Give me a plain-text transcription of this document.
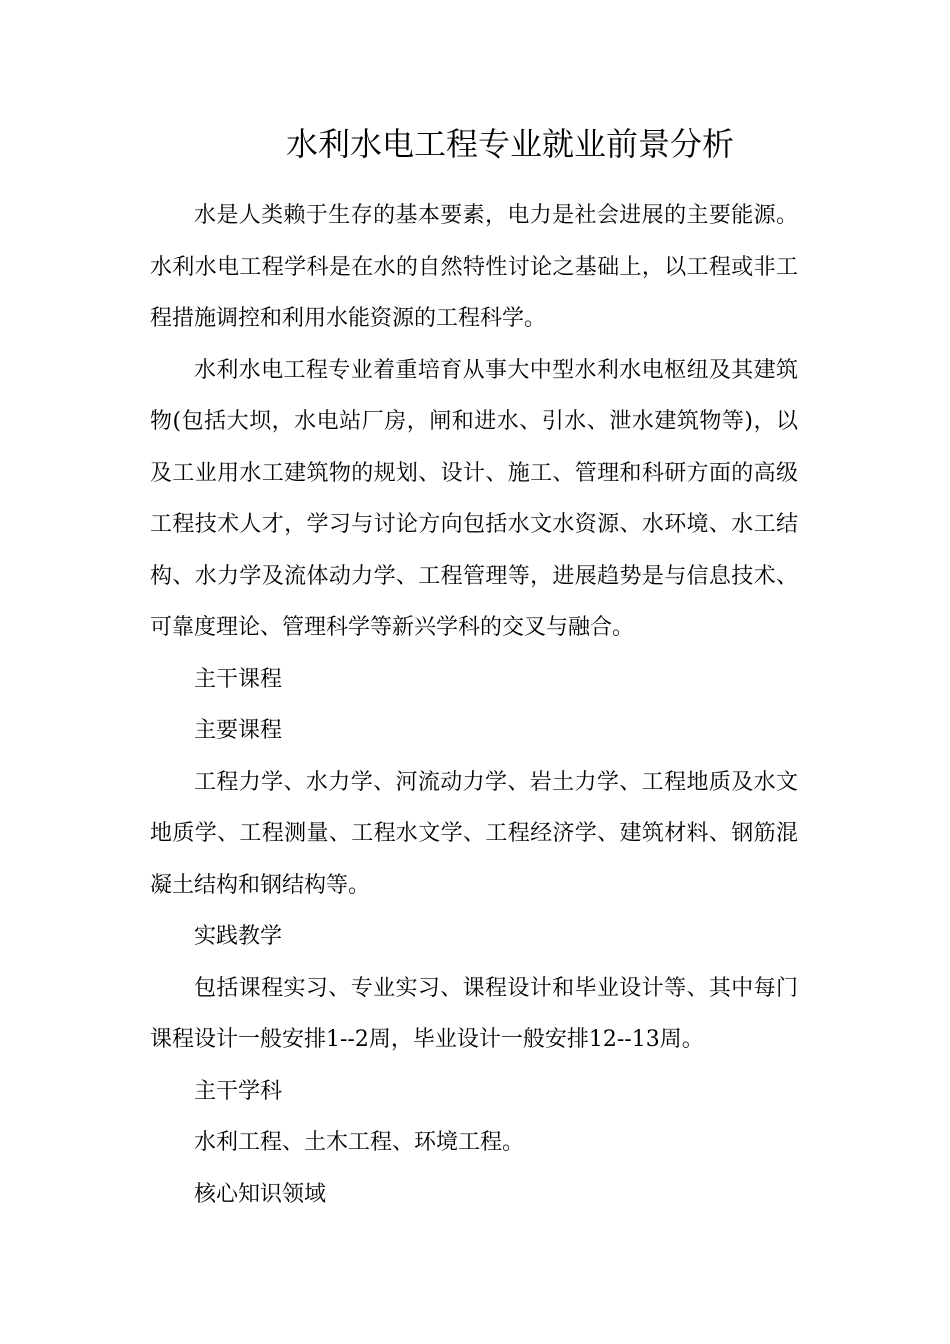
水利水电工程专业就业前景分析

水是人类赖于生存的基本要素，电力是社会进展的主要能源。水利水电工程学科是在水的自然特性讨论之基础上，以工程或非工程措施调控和利用水能资源的工程科学。

水利水电工程专业着重培育从事大中型水利水电枢纽及其建筑物(包括大坝，水电站厂房，闸和进水、引水、泄水建筑物等)，以及工业用水工建筑物的规划、设计、施工、管理和科研方面的高级工程技术人才，学习与讨论方向包括水文水资源、水环境、水工结构、水力学及流体动力学、工程管理等，进展趋势是与信息技术、可靠度理论、管理科学等新兴学科的交叉与融合。

主干课程

主要课程

工程力学、水力学、河流动力学、岩土力学、工程地质及水文地质学、工程测量、工程水文学、工程经济学、建筑材料、钢筋混凝土结构和钢结构等。

实践教学

包括课程实习、专业实习、课程设计和毕业设计等、其中每门课程设计一般安排1--2周，毕业设计一般安排12--13周。

主干学科

水利工程、土木工程、环境工程。

核心知识领域
